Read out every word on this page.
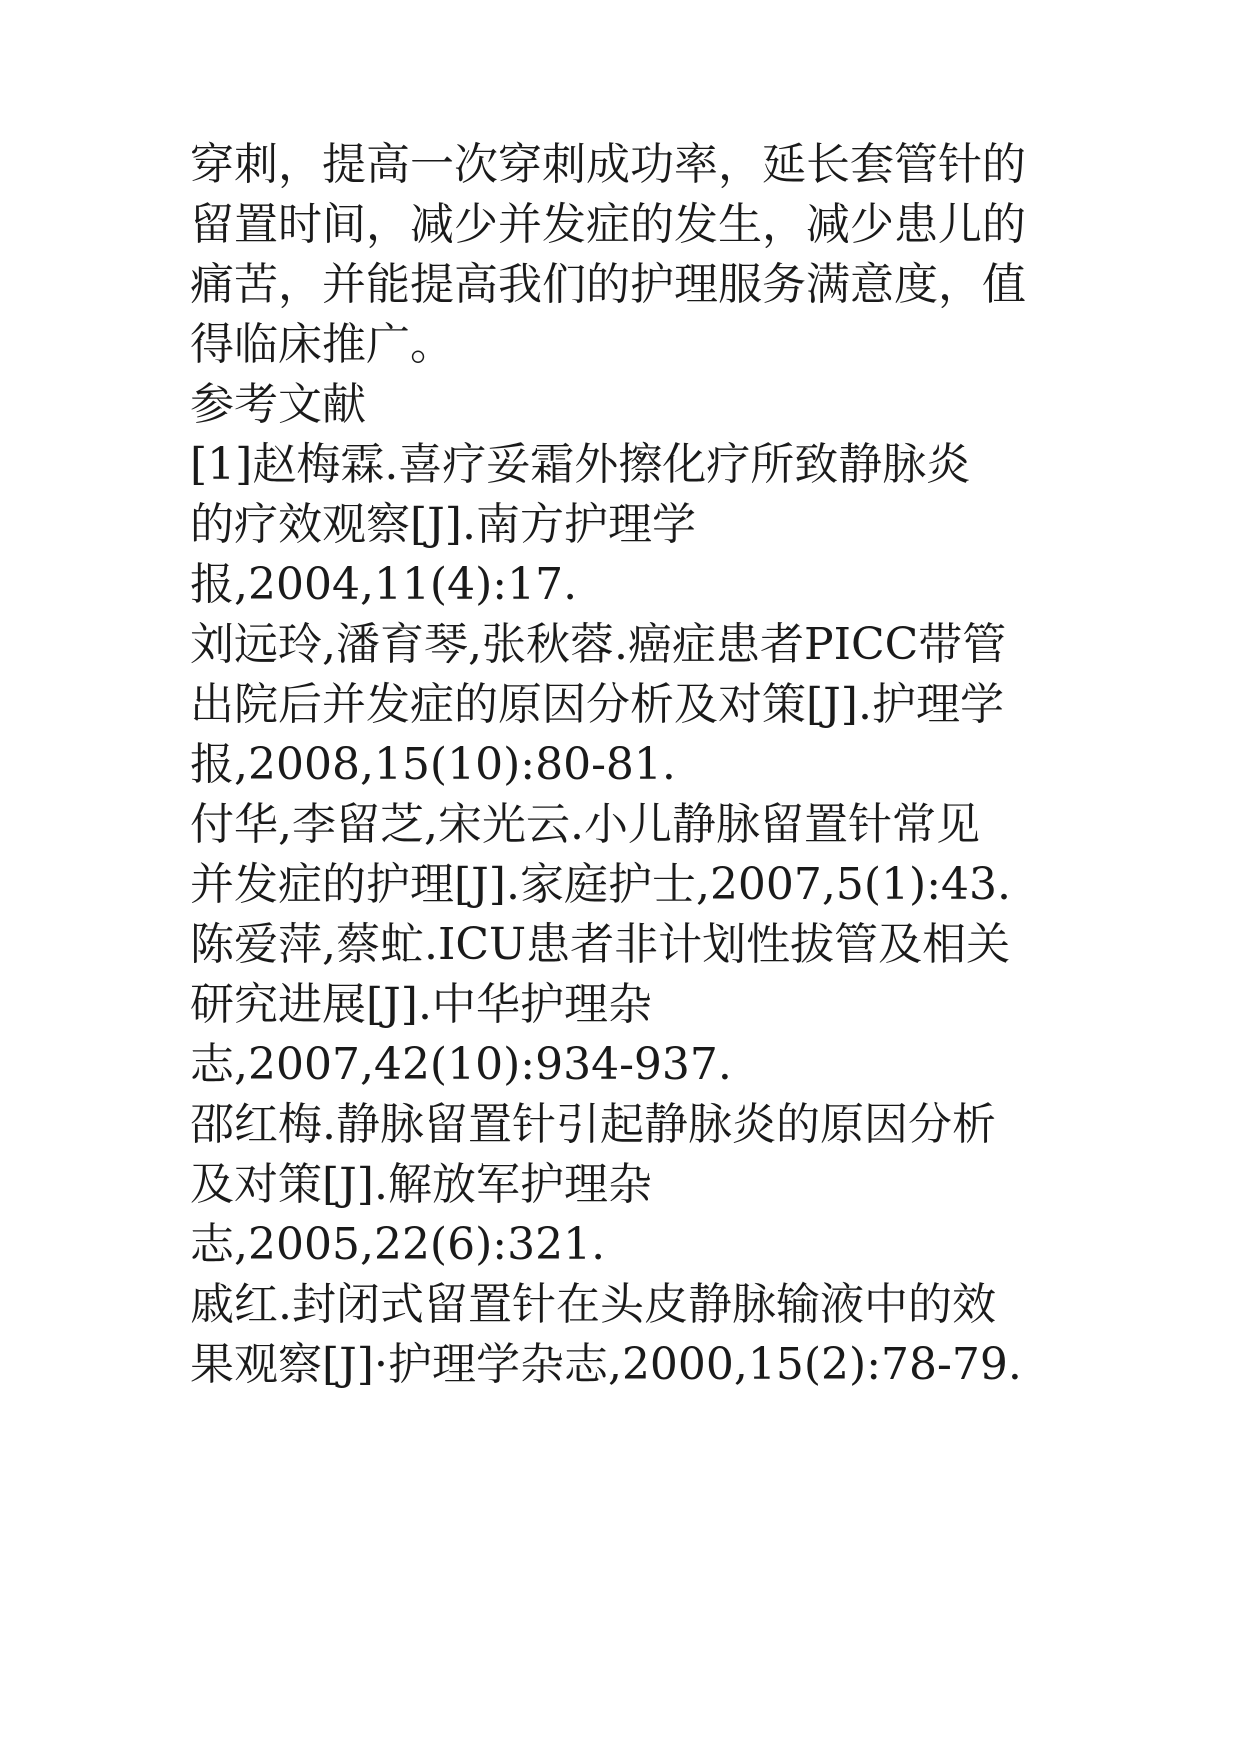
穿刺，提高一次穿刺成功率，延长套管针的
留置时间，减少并发症的发生，减少患儿的
痛苦，并能提高我们的护理服务满意度，值
得临床推广。
参考文献
[1]赵梅霖.喜疗妥霜外擦化疗所致静脉炎
的疗效观察[J].南方护理学
报,2004,11(4):17.
刘远玲,潘育琴,张秋蓉.癌症患者PICC带管
出院后并发症的原因分析及对策[J].护理学
报,2008,15(10):80-81.
付华,李留芝,宋光云.小儿静脉留置针常见
并发症的护理[J].家庭护士,2007,5(1):43.
陈爱萍,蔡虻.ICU患者非计划性拔管及相关
研究进展[J].中华护理杂
志,2007,42(10):934-937.
邵红梅.静脉留置针引起静脉炎的原因分析
及对策[J].解放军护理杂
志,2005,22(6):321.
戚红.封闭式留置针在头皮静脉输液中的效
果观察[J]·护理学杂志,2000,15(2):78-79.
